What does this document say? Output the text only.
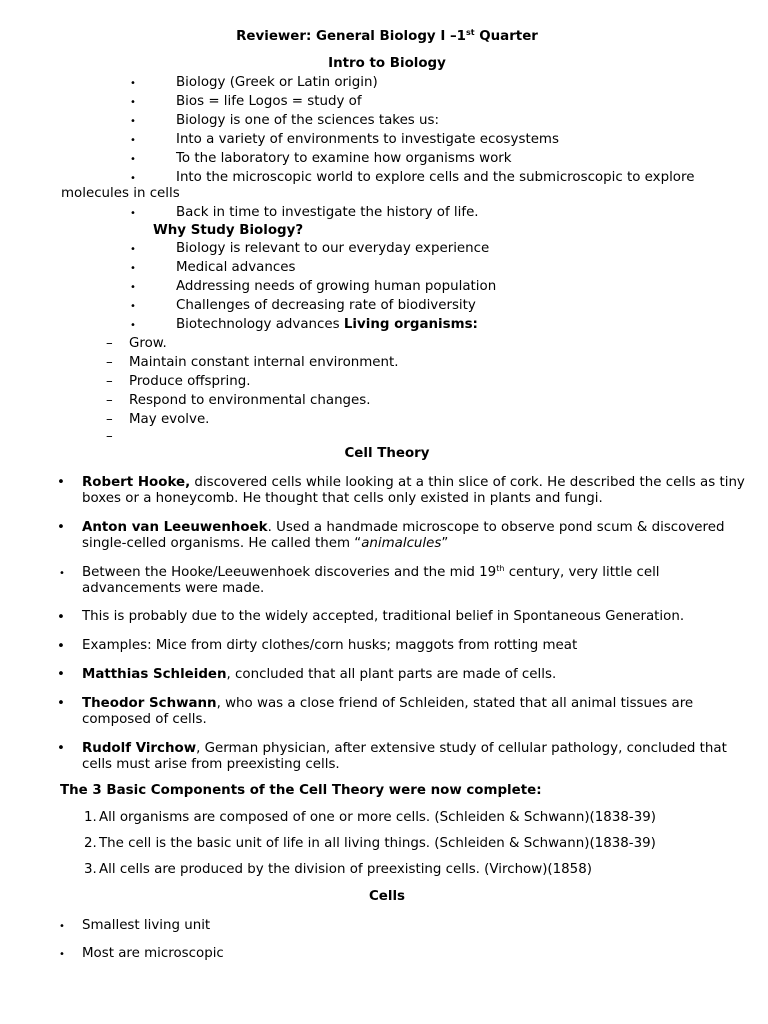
Reviewer: General Biology I –1st Quarter
Intro to Biology
•	Biology (Greek or Latin origin)
•	Bios = life Logos = study of
•	Biology is one of the sciences takes us:
•	Into a variety of environments to investigate ecosystems
•	To the laboratory to examine how organisms work
•	Into the microscopic world to explore cells and the submicroscopic to explore
molecules in cells
•	Back in time to investigate the history of life.
Why Study Biology?
•	Biology is relevant to our everyday experience
•	Medical advances
•	Addressing needs of growing human population
•	Challenges of decreasing rate of biodiversity
•	Biotechnology advances Living organisms:
– Grow.
– Maintain constant internal environment.
– Produce offspring.
– Respond to environmental changes.
– May evolve.
–
Cell Theory
• Robert Hooke, discovered cells while looking at a thin slice of cork. He described the cells as tiny boxes or a honeycomb. He thought that cells only existed in plants and fungi.
• Anton van Leeuwenhoek. Used a handmade microscope to observe pond scum & discovered single-celled organisms. He called them “animalcules”
• Between the Hooke/Leeuwenhoek discoveries and the mid 19th century, very little cell advancements were made.
• This is probably due to the widely accepted, traditional belief in Spontaneous Generation.
• Examples: Mice from dirty clothes/corn husks; maggots from rotting meat
• Matthias Schleiden, concluded that all plant parts are made of cells.
• Theodor Schwann, who was a close friend of Schleiden, stated that all animal tissues are composed of cells.
• Rudolf Virchow, German physician, after extensive study of cellular pathology, concluded that cells must arise from preexisting cells.
The 3 Basic Components of the Cell Theory were now complete:
1. All organisms are composed of one or more cells. (Schleiden & Schwann)(1838-39)
2. The cell is the basic unit of life in all living things. (Schleiden & Schwann)(1838-39)
3. All cells are produced by the division of preexisting cells. (Virchow)(1858)
Cells
• Smallest living unit
• Most are microscopic
